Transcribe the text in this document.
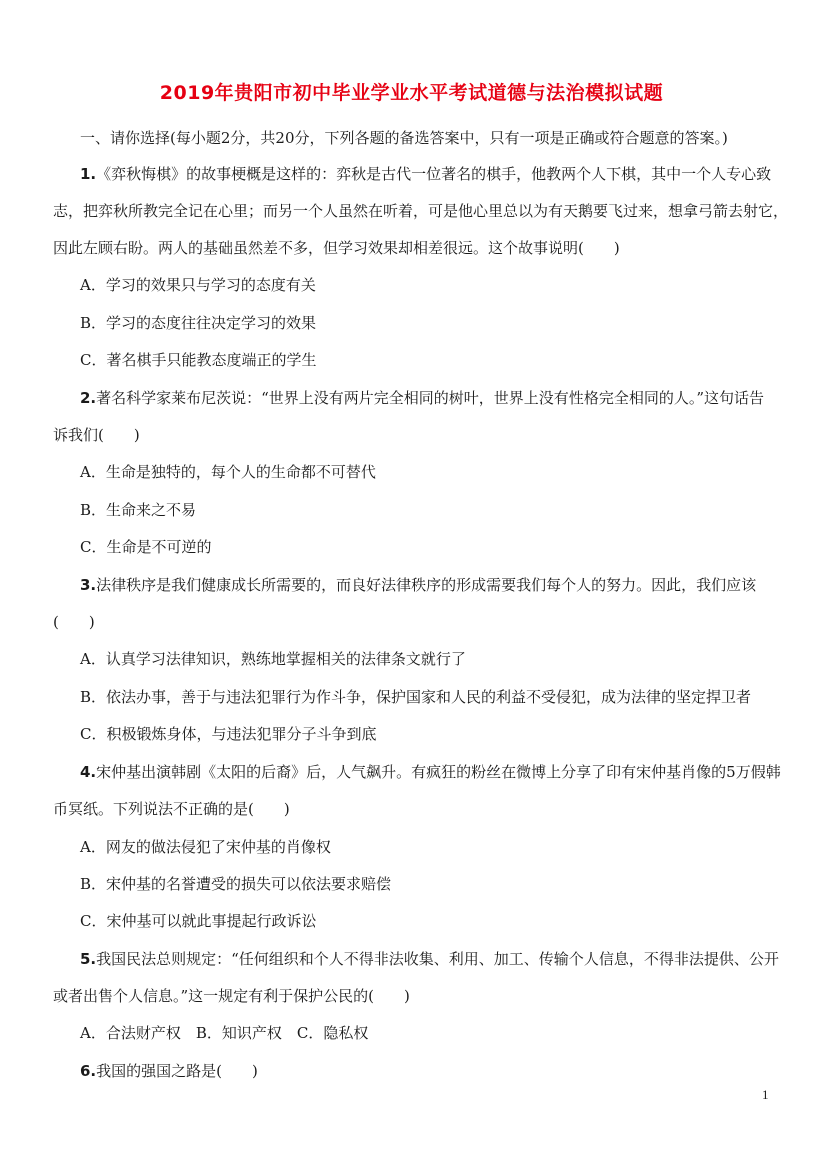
2019年贵阳市初中毕业学业水平考试道德与法治模拟试题
一、请你选择(每小题2分，共20分，下列各题的备选答案中，只有一项是正确或符合题意的答案。)
1.《弈秋悔棋》的故事梗概是这样的：弈秋是古代一位著名的棋手，他教两个人下棋，其中一个人专心致
志，把弈秋所教完全记在心里；而另一个人虽然在听着，可是他心里总以为有天鹅要飞过来，想拿弓箭去射它，
因此左顾右盼。两人的基础虽然差不多，但学习效果却相差很远。这个故事说明(　　)
A．学习的效果只与学习的态度有关
B．学习的态度往往决定学习的效果
C．著名棋手只能教态度端正的学生
2.著名科学家莱布尼茨说：“世界上没有两片完全相同的树叶，世界上没有性格完全相同的人。”这句话告
诉我们(　　)
A．生命是独特的，每个人的生命都不可替代
B．生命来之不易
C．生命是不可逆的
3.法律秩序是我们健康成长所需要的，而良好法律秩序的形成需要我们每个人的努力。因此，我们应该
(　　)
A．认真学习法律知识，熟练地掌握相关的法律条文就行了
B．依法办事，善于与违法犯罪行为作斗争，保护国家和人民的利益不受侵犯，成为法律的坚定捍卫者
C．积极锻炼身体，与违法犯罪分子斗争到底
4.宋仲基出演韩剧《太阳的后裔》后，人气飙升。有疯狂的粉丝在微博上分享了印有宋仲基肖像的5万假韩
币冥纸。下列说法不正确的是(　　)
A．网友的做法侵犯了宋仲基的肖像权
B．宋仲基的名誉遭受的损失可以依法要求赔偿
C．宋仲基可以就此事提起行政诉讼
5.我国民法总则规定：“任何组织和个人不得非法收集、利用、加工、传输个人信息，不得非法提供、公开
或者出售个人信息。”这一规定有利于保护公民的(　　)
A．合法财产权　B．知识产权　C．隐私权
6.我国的强国之路是(　　)
1
